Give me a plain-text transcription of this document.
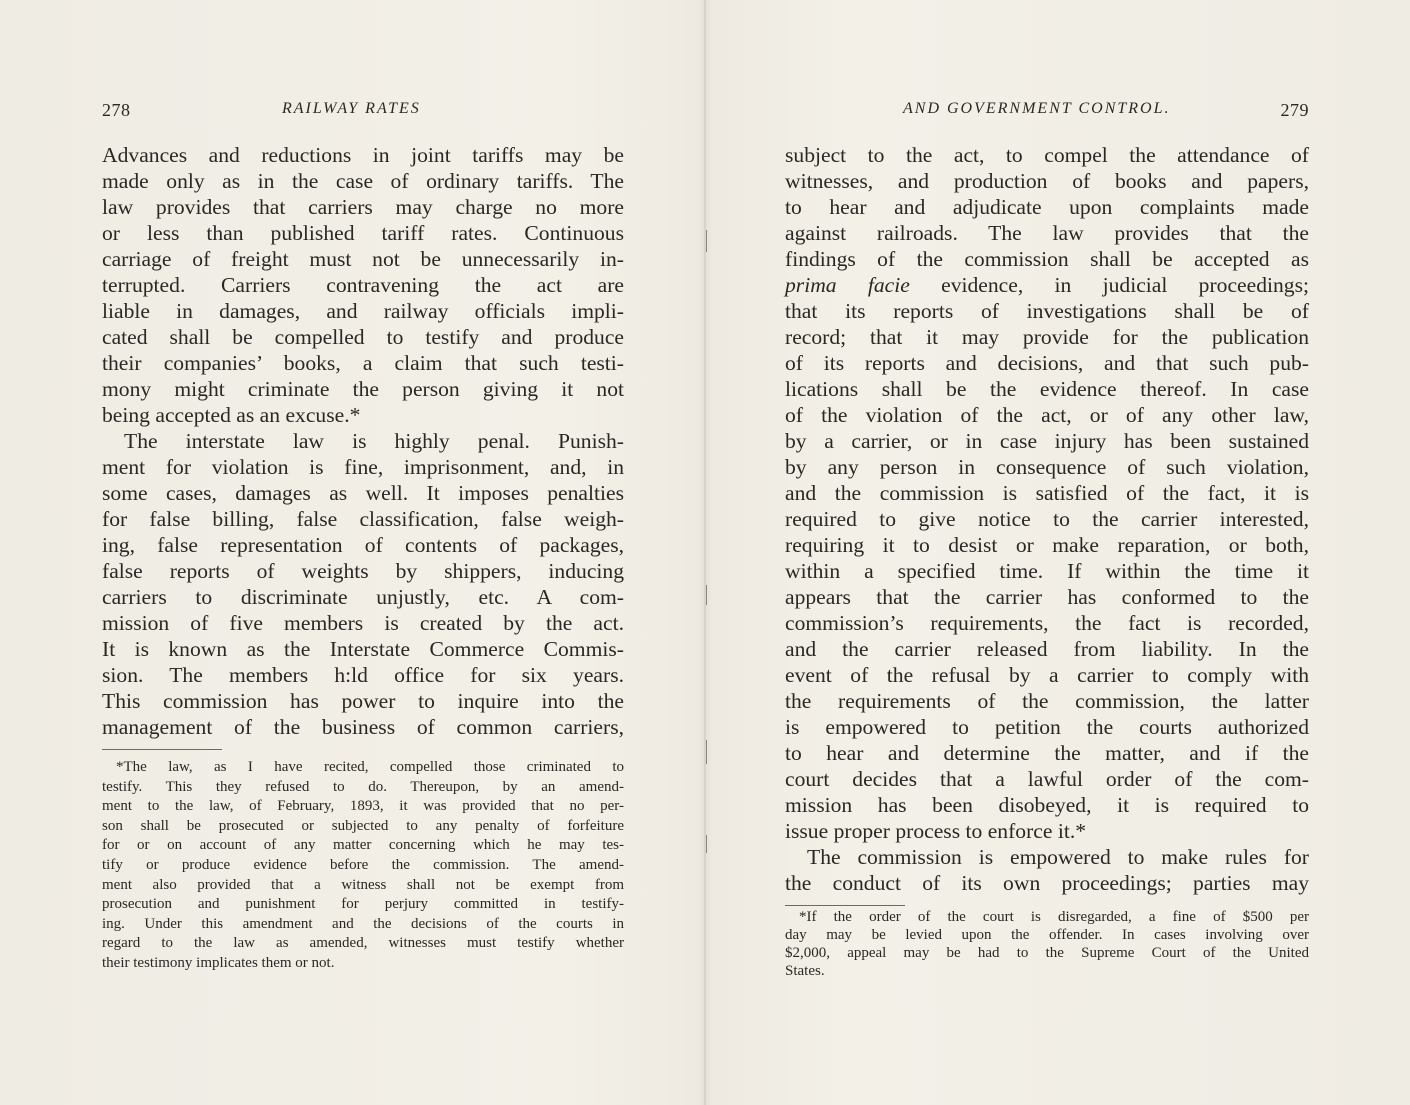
278	RAILWAY RATES
Advances and reductions in joint tariffs may be
made only as in the case of ordinary tariffs. The
law provides that carriers may charge no more
or less than published tariff rates. Continuous
carriage of freight must not be unnecessarily in-
terrupted. Carriers contravening the act are
liable in damages, and railway officials impli-
cated shall be compelled to testify and produce
their companies’ books, a claim that such testi-
mony might criminate the person giving it not
being accepted as an excuse.*
The interstate law is highly penal. Punish-
ment for violation is fine, imprisonment, and, in
some cases, damages as well. It imposes penalties
for false billing, false classification, false weigh-
ing, false representation of contents of packages,
false reports of weights by shippers, inducing
carriers to discriminate unjustly, etc. A com-
mission of five members is created by the act.
It is known as the Interstate Commerce Commis-
sion. The members h:ld office for six years.
This commission has power to inquire into the
management of the business of common carriers,
*The law, as I have recited, compelled those criminated to
testify. This they refused to do. Thereupon, by an amend-
ment to the law, of February, 1893, it was provided that no per-
son shall be prosecuted or subjected to any penalty of forfeiture
for or on account of any matter concerning which he may tes-
tify or produce evidence before the commission. The amend-
ment also provided that a witness shall not be exempt from
prosecution and punishment for perjury committed in testify-
ing. Under this amendment and the decisions of the courts in
regard to the law as amended, witnesses must testify whether
their testimony implicates them or not.
AND GOVERNMENT CONTROL.	279
subject to the act, to compel the attendance of
witnesses, and production of books and papers,
to hear and adjudicate upon complaints made
against railroads. The law provides that the
findings of the commission shall be accepted as
prima facie evidence, in judicial proceedings;
that its reports of investigations shall be of
record; that it may provide for the publication
of its reports and decisions, and that such pub-
lications shall be the evidence thereof. In case
of the violation of the act, or of any other law,
by a carrier, or in case injury has been sustained
by any person in consequence of such violation,
and the commission is satisfied of the fact, it is
required to give notice to the carrier interested,
requiring it to desist or make reparation, or both,
within a specified time. If within the time it
appears that the carrier has conformed to the
commission’s requirements, the fact is recorded,
and the carrier released from liability. In the
event of the refusal by a carrier to comply with
the requirements of the commission, the latter
is empowered to petition the courts authorized
to hear and determine the matter, and if the
court decides that a lawful order of the com-
mission has been disobeyed, it is required to
issue proper process to enforce it.*
The commission is empowered to make rules for
the conduct of its own proceedings; parties may
*If the order of the court is disregarded, a fine of $500 per
day may be levied upon the offender. In cases involving over
$2,000, appeal may be had to the Supreme Court of the United
States.
